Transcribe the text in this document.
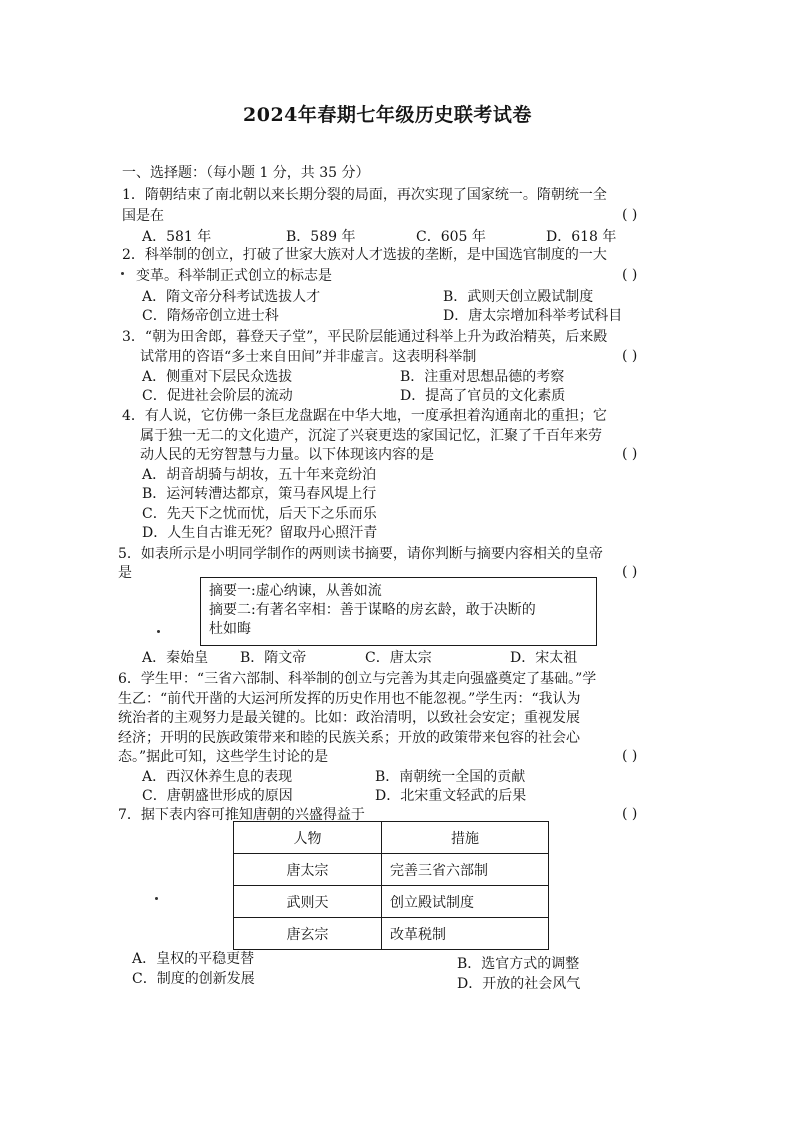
2024年春期七年级历史联考试卷
一、选择题：（每小题 1 分，共 35 分）
1．隋朝结束了南北朝以来长期分裂的局面，再次实现了国家统一。隋朝统一全
国是在	( )
A．581 年	B．589 年	C．605 年	D．618 年
2．科举制的创立，打破了世家大族对人才选拔的垄断，是中国选官制度的一大
变革。科举制正式创立的标志是	( )
A．隋文帝分科考试选拔人才	B．武则天创立殿试制度
C．隋炀帝创立进士科	D．唐太宗增加科举考试科目
3．“朝为田舍郎，暮登天子堂”，平民阶层能通过科举上升为政治精英，后来殿
试常用的咨语“多士来自田间”并非虚言。这表明科举制	( )
A．侧重对下层民众选拔	B．注重对思想品德的考察
C．促进社会阶层的流动	D．提高了官员的文化素质
4．有人说，它仿佛一条巨龙盘踞在中华大地，一度承担着沟通南北的重担；它
属于独一无二的文化遗产，沉淀了兴衰更迭的家国记忆，汇聚了千百年来劳
动人民的无穷智慧与力量。以下体现该内容的是	( )
A．胡音胡骑与胡妆，五十年来竞纷泊
B．运河转漕达都京，策马春风堤上行
C．先天下之忧而忧，后天下之乐而乐
D．人生自古谁无死？留取丹心照汗青
5．如表所示是小明同学制作的两则读书摘要，请你判断与摘要内容相关的皇帝
是	( )
摘要一:虚心纳谏，从善如流
摘要二:有著名宰相：善于谋略的房玄龄，敢于决断的
杜如晦
A．秦始皇 B．隋文帝	C．唐太宗	D．宋太祖
6．学生甲：“三省六部制、科举制的创立与完善为其走向强盛奠定了基础。”学
生乙：“前代开凿的大运河所发挥的历史作用也不能忽视。”学生丙：“我认为
统治者的主观努力是最关键的。比如：政治清明，以致社会安定；重视发展
经济；开明的民族政策带来和睦的民族关系；开放的政策带来包容的社会心
态。”据此可知，这些学生讨论的是	( )
A．西汉休养生息的表现	B．南朝统一全国的贡献
C．唐朝盛世形成的原因	D．北宋重文轻武的后果
7．据下表内容可推知唐朝的兴盛得益于	( )
人物	措施
唐太宗	完善三省六部制
武则天	创立殿试制度
唐玄宗	改革税制
A．皇权的平稳更替	B．选官方式的调整
C．制度的创新发展	D．开放的社会风气
